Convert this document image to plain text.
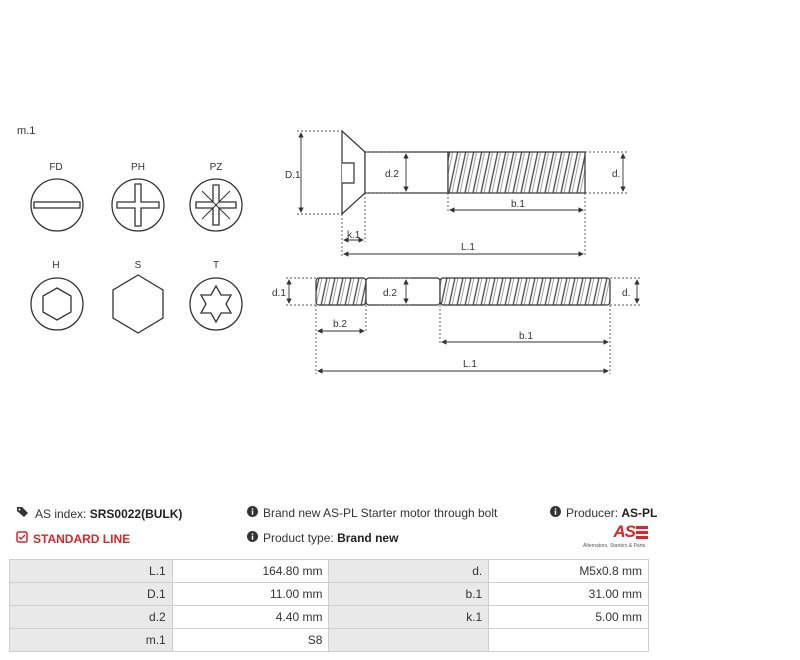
m.1
FD	PH	PZ
H	S	T
D.1	d.2	d.
b.1
k.1
L.1
d.1	d.2	d.
b.2
b.1
L.1
AS index:
SRS0022(BULK)
STANDARD LINE
Brand new AS-PL Starter motor through bolt
Product type:
Brand new
Producer:
AS-PL
AS
Alternators, Starters & Parts
L.1	164.80 mm	d.	M5x0.8 mm
D.1	11.00 mm	b.1	31.00 mm
d.2	4.40 mm	k.1	5.00 mm
m.1	S8		
